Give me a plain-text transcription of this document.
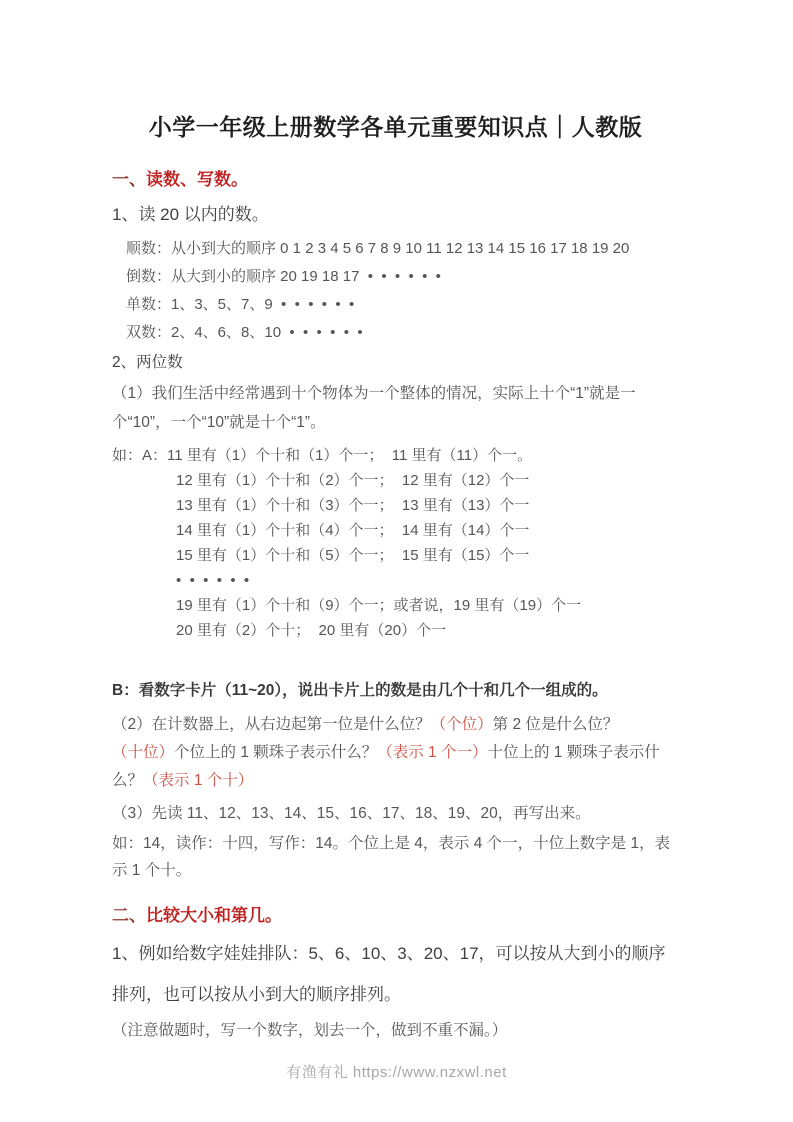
小学一年级上册数学各单元重要知识点｜人教版
一、读数、写数。

1、读 20 以内的数。

顺数：从小到大的顺序 0 1 2 3 4 5 6 7 8 9 10 11 12 13 14 15 16 17 18 19 20
倒数：从大到小的顺序 20 19 18 17  •  •  •  •  •  •
单数：1、3、5、7、9  •  •  •  •  •  •
双数：2、4、6、8、10  •  •  •  •  •  •

2、两位数

（1）我们生活中经常遇到十个物体为一个整体的情况，实际上十个“1”就是一个“10”，一个“10”就是十个“1”。

如：A：11 里有（1）个十和（1）个一；  11 里有（11）个一。
12 里有（1）个十和（2）个一；  12 里有（12）个一
13 里有（1）个十和（3）个一；  13 里有（13）个一
14 里有（1）个十和（4）个一；  14 里有（14）个一
15 里有（1）个十和（5）个一；  15 里有（15）个一
•  •  •  •  •  •
19 里有（1）个十和（9）个一；或者说，19 里有（19）个一
20 里有（2）个十；  20 里有（20）个一

B：看数字卡片（11~20），说出卡片上的数是由几个十和几个一组成的。

（2）在计数器上，从右边起第一位是什么位？（个位）第 2 位是什么位？（十位）个位上的 1 颗珠子表示什么？（表示 1 个一）十位上的 1 颗珠子表示什么？（表示 1 个十）

（3）先读 11、12、13、14、15、16、17、18、19、20，再写出来。

如：14，读作：十四，写作：14。个位上是 4，表示 4 个一，十位上数字是 1，表示 1 个十。

二、比较大小和第几。

1、例如给数字娃娃排队：5、6、10、3、20、17，可以按从大到小的顺序排列，也可以按从小到大的顺序排列。

（注意做题时，写一个数字，划去一个，做到不重不漏。）

有渔有礼 https://www.nzxwl.net
